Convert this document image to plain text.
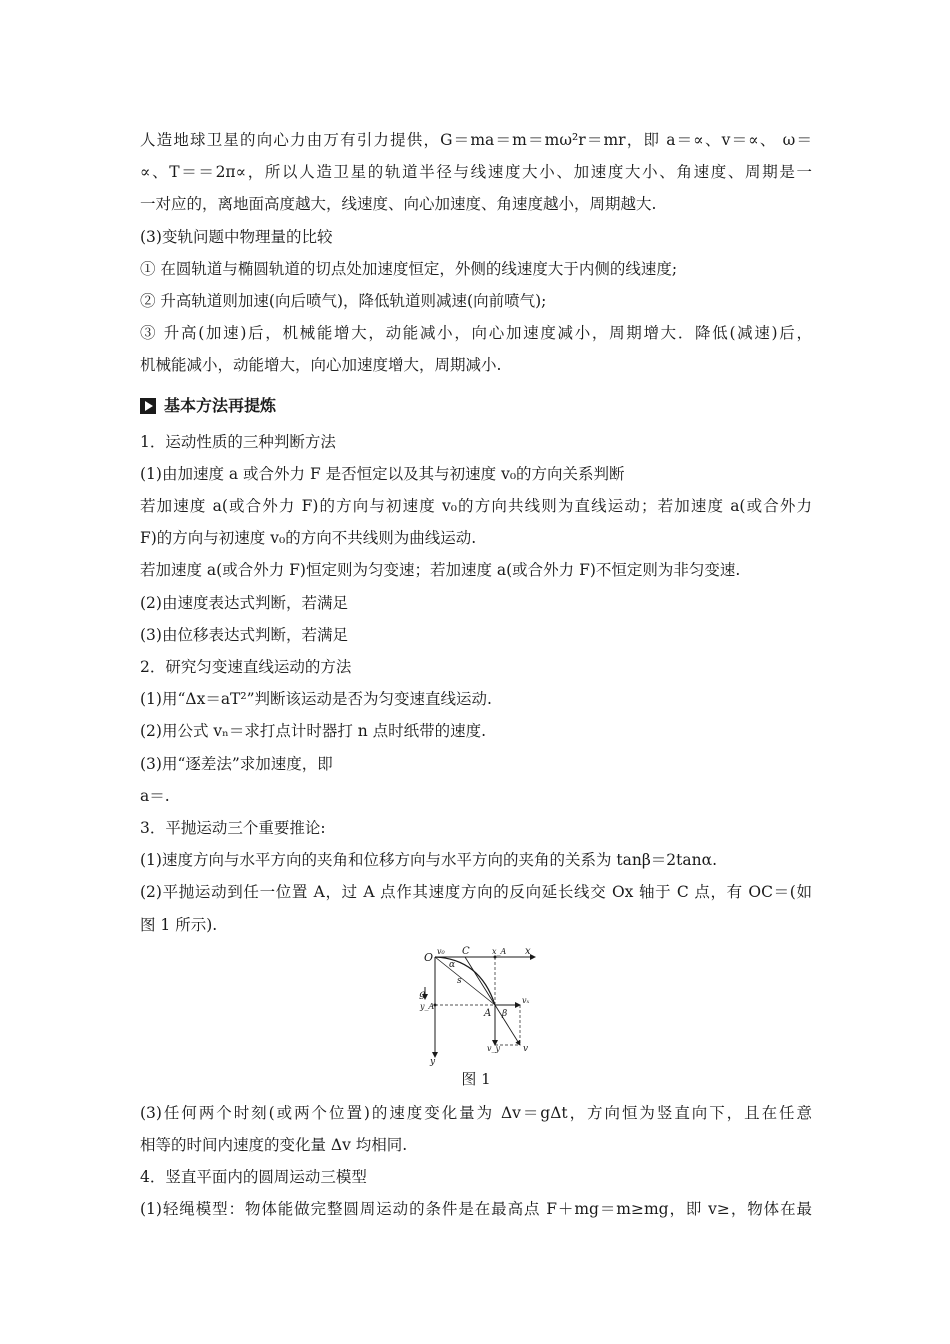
人造地球卫星的向心力由万有引力提供，G＝ma＝m＝mω²r＝mr，即 a＝∝、v＝∝、 ω＝
∝、T＝＝2π∝，所以人造卫星的轨道半径与线速度大小、加速度大小、角速度、周期是一
一对应的，离地面高度越大，线速度、向心加速度、角速度越小，周期越大.
(3)变轨问题中物理量的比较
① 在圆轨道与椭圆轨道的切点处加速度恒定，外侧的线速度大于内侧的线速度;
② 升高轨道则加速(向后喷气)，降低轨道则减速(向前喷气);
③ 升高(加速)后，机械能增大，动能减小，向心加速度减小，周期增大．降低(减速)后，
机械能减小，动能增大，向心加速度增大，周期减小.
基本方法再提炼
1．运动性质的三种判断方法
(1)由加速度 a 或合外力 F 是否恒定以及其与初速度 v₀的方向关系判断
若加速度 a(或合外力 F)的方向与初速度 v₀的方向共线则为直线运动；若加速度 a(或合外力
F)的方向与初速度 v₀的方向不共线则为曲线运动.
若加速度 a(或合外力 F)恒定则为匀变速；若加速度 a(或合外力 F)不恒定则为非匀变速.
(2)由速度表达式判断，若满足
(3)由位移表达式判断，若满足
2．研究匀变速直线运动的方法
(1)用“Δx＝aT²”判断该运动是否为匀变速直线运动.
(2)用公式 vₙ＝求打点计时器打 n 点时纸带的速度.
(3)用“逐差法”求加速度，即
a＝.
3．平抛运动三个重要推论:
(1)速度方向与水平方向的夹角和位移方向与水平方向的夹角的关系为 tanβ＝2tanα.
(2)平抛运动到任一位置 A，过 A 点作其速度方向的反向延长线交 Ox 轴于 C 点，有 OC＝(如
图 1 所示).
O v₀ C	x_A x
g
α
s
y_A
A β
vₓ
v_y	v
y
图 1
(3)任何两个时刻(或两个位置)的速度变化量为 Δv＝gΔt，方向恒为竖直向下，且在任意
相等的时间内速度的变化量 Δv 均相同.
4．竖直平面内的圆周运动三模型
(1)轻绳模型：物体能做完整圆周运动的条件是在最高点 F＋mg＝m≥mg，即 v≥，物体在最
